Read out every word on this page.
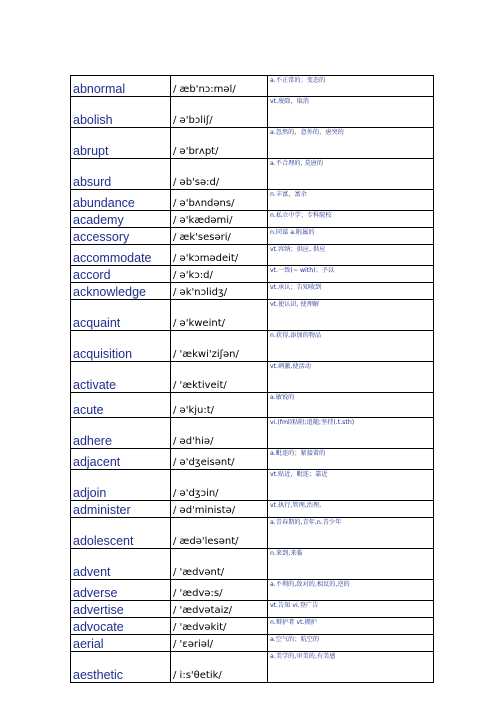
abnormal	/ æb'nɔ:məl/	a.不正常的；变态的
abolish	/ ə'bɔliʃ/	vt.废除，取消
abrupt	/ ə'brʌpt/	a.忽然的，意外的，唐突的
absurd	/ əb'sə:d/	a.不合理的, 荒唐的
abundance	/ ə'bʌndəns/	n.丰富，富余
academy	/ ə'kædəmi/	n.私立中学；专科院校
accessory	/ æk'sesəri/	n.同谋 a.附属的
accommodate	/ ə'kɔmədeit/	vt.容纳；供应, 供应
accord	/ ə'kɔ:d/	vt.一致(~ with)；予以
acknowledge	/ ək'nɔlidʒ/	vt.承认；告知收到
acquaint	/ ə'kweint/	vt.使认识, 使理解
acquisition	/ 'ækwi'ziʃən/	n.获得,添加的物品
activate	/ 'æktiveit/	vt.刺激,使活动
acute	/ ə'kju:t/	a.敏锐的
adhere	/ əd'hiə/	vi.(fml)粘附;追随;坚持(.t.sth)
adjacent	/ ə'dʒeisənt/	a.毗连的；紧接着的
adjoin	/ ə'dʒɔin/	vt.贴近，毗连；靠近
administer	/ əd'ministə/	vt.执行,管理,治理,
adolescent	/ ædə'lesənt/	a.青春期的,青年,n.青少年
advent	/ 'ædvənt/	n.来到,来临
adverse	/ 'ædvə:s/	a.不利的,敌对的,相反的,逆的
advertise	/ 'ædvətaiz/	vt.告知 vi.登广告
advocate	/ 'ædvəkit/	n.辩护者 vt.拥护
aerial	/ 'ɛəriəl/	a.空气的；航空的
aesthetic	/ i:s'θetik/	a.美学的,审美的,有美感
